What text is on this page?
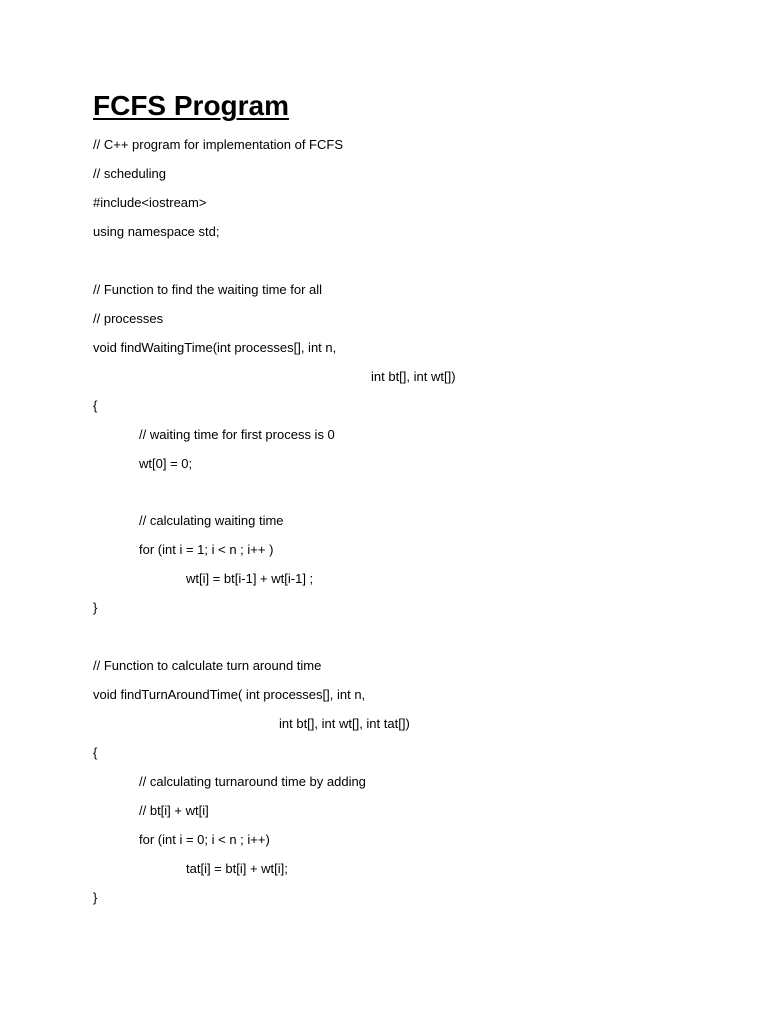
FCFS Program
// C++ program for implementation of FCFS
// scheduling
#include<iostream>
using namespace std;
// Function to find the waiting time for all
// processes
void findWaitingTime(int processes[], int n,
int bt[], int wt[])
{
// waiting time for first process is 0
wt[0] = 0;
// calculating waiting time
for (int i = 1; i < n ; i++ )
wt[i] = bt[i-1] + wt[i-1] ;
}
// Function to calculate turn around time
void findTurnAroundTime( int processes[], int n,
int bt[], int wt[], int tat[])
{
// calculating turnaround time by adding
// bt[i] + wt[i]
for (int i = 0; i < n ; i++)
tat[i] = bt[i] + wt[i];
}
